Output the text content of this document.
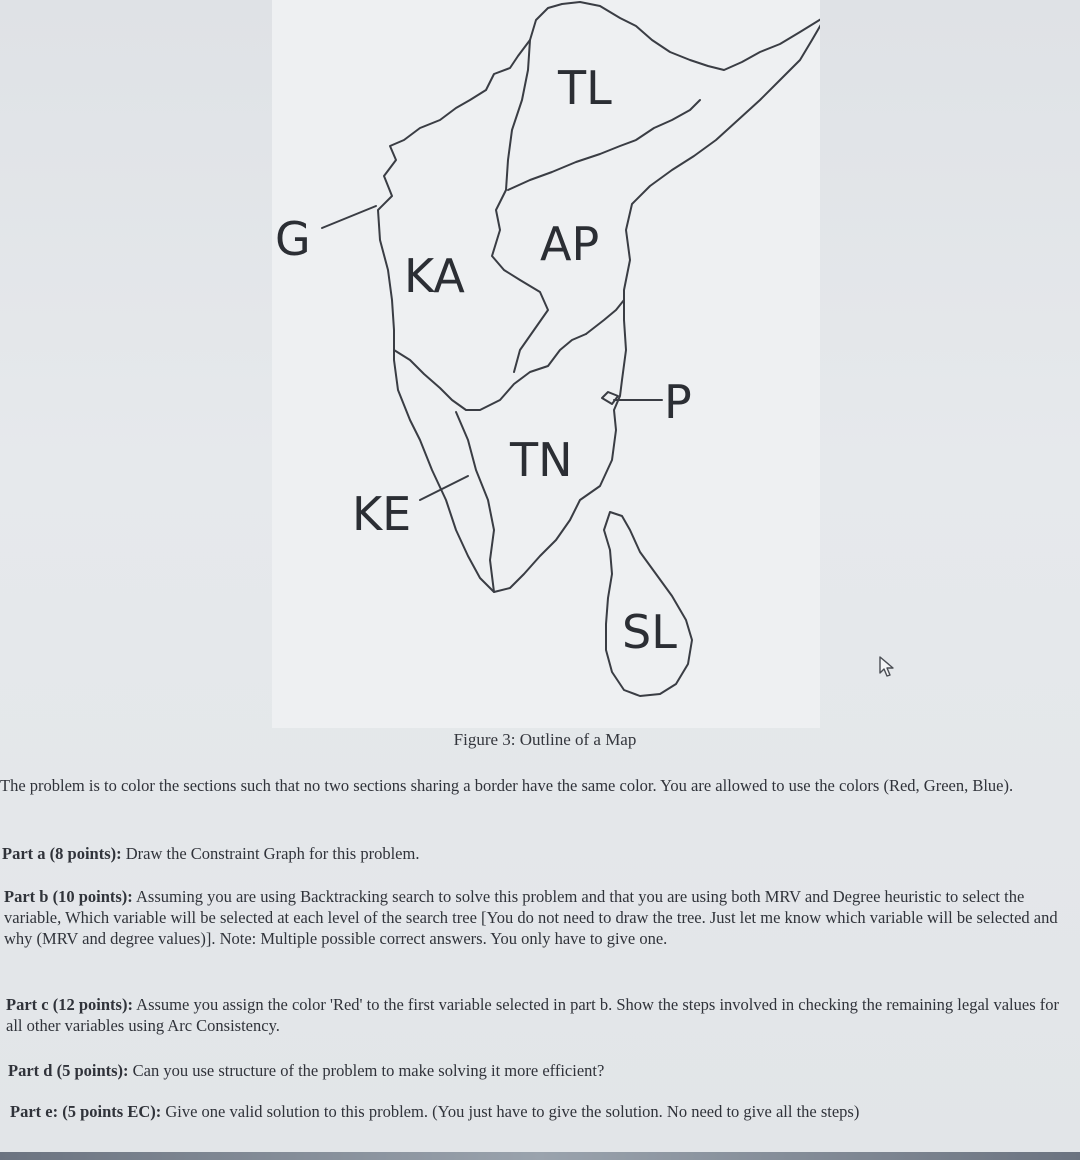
TL
G
KA
AP
P
TN
KE
SL
Figure 3: Outline of a Map
The problem is to color the sections such that no two sections sharing a border have the same color. You are allowed to use the colors (Red, Green, Blue).
Part a (8 points): Draw the Constraint Graph for this problem.
Part b (10 points): Assuming you are using Backtracking search to solve this problem and that you are using both MRV and Degree heuristic to select the variable, Which variable will be selected at each level of the search tree [You do not need to draw the tree. Just let me know which variable will be selected and why (MRV and degree values)]. Note: Multiple possible correct answers. You only have to give one.
Part c (12 points): Assume you assign the color 'Red' to the first variable selected in part b. Show the steps involved in checking the remaining legal values for all other variables using Arc Consistency.
Part d (5 points): Can you use structure of the problem to make solving it more efficient?
Part e: (5 points EC): Give one valid solution to this problem. (You just have to give the solution. No need to give all the steps)
